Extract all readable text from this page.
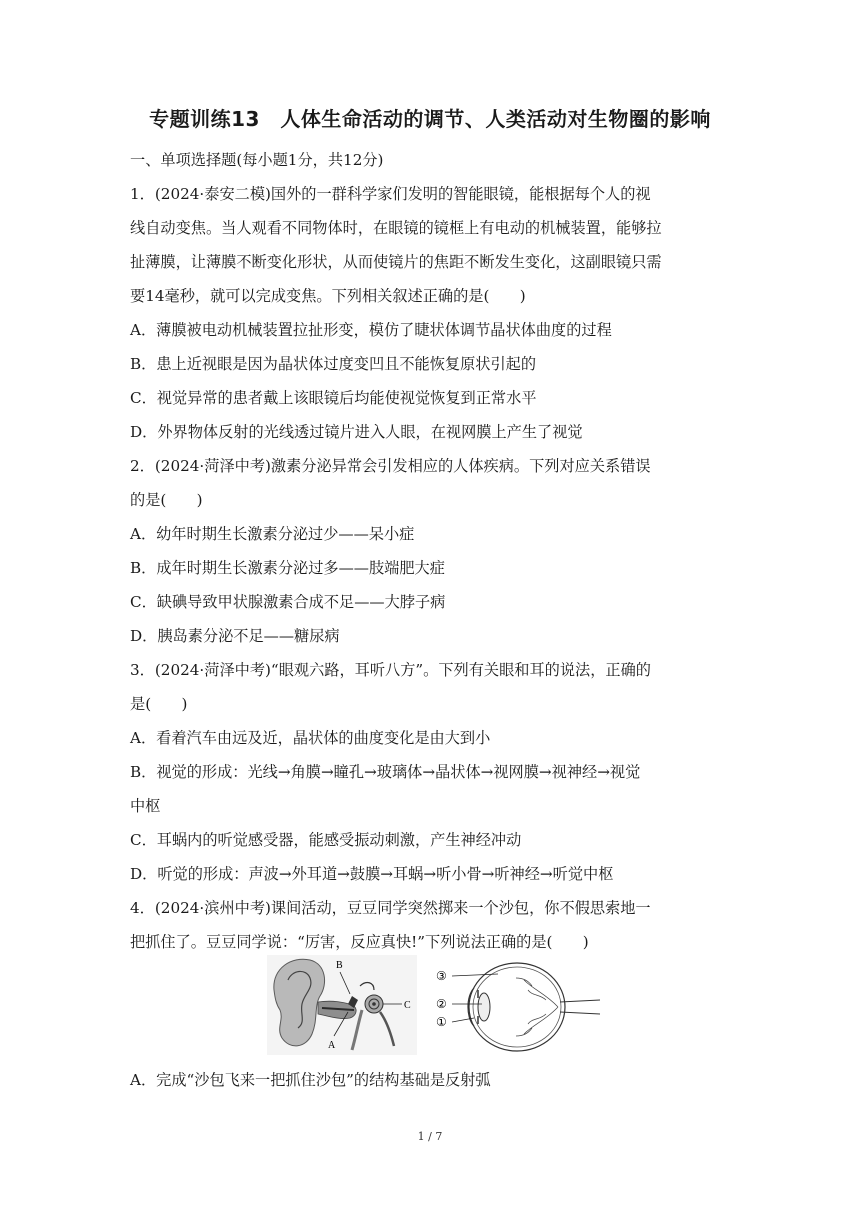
专题训练13　人体生命活动的调节、人类活动对生物圈的影响
一、单项选择题(每小题1分，共12分)
1．(2024·泰安二模)国外的一群科学家们发明的智能眼镜，能根据每个人的视
线自动变焦。当人观看不同物体时，在眼镜的镜框上有电动的机械装置，能够拉
扯薄膜，让薄膜不断变化形状，从而使镜片的焦距不断发生变化，这副眼镜只需
要14毫秒，就可以完成变焦。下列相关叙述正确的是(　　)
A．薄膜被电动机械装置拉扯形变，模仿了睫状体调节晶状体曲度的过程
B．患上近视眼是因为晶状体过度变凹且不能恢复原状引起的
C．视觉异常的患者戴上该眼镜后均能使视觉恢复到正常水平
D．外界物体反射的光线透过镜片进入人眼，在视网膜上产生了视觉
2．(2024·菏泽中考)激素分泌异常会引发相应的人体疾病。下列对应关系错误
的是(　　)
A．幼年时期生长激素分泌过少——呆小症
B．成年时期生长激素分泌过多——肢端肥大症
C．缺碘导致甲状腺激素合成不足——大脖子病
D．胰岛素分泌不足——糖尿病
3．(2024·菏泽中考)“眼观六路，耳听八方”。下列有关眼和耳的说法，正确的
是(　　)
A．看着汽车由远及近，晶状体的曲度变化是由大到小
B．视觉的形成：光线→角膜→瞳孔→玻璃体→晶状体→视网膜→视神经→视觉
中枢
C．耳蜗内的听觉感受器，能感受振动刺激，产生神经冲动
D．听觉的形成：声波→外耳道→鼓膜→耳蜗→听小骨→听神经→听觉中枢
4．(2024·滨州中考)课间活动，豆豆同学突然掷来一个沙包，你不假思索地一
把抓住了。豆豆同学说：“厉害，反应真快!”下列说法正确的是(　　)
B
C
A
③
②
①
A．完成“沙包飞来一把抓住沙包”的结构基础是反射弧
1 / 7
